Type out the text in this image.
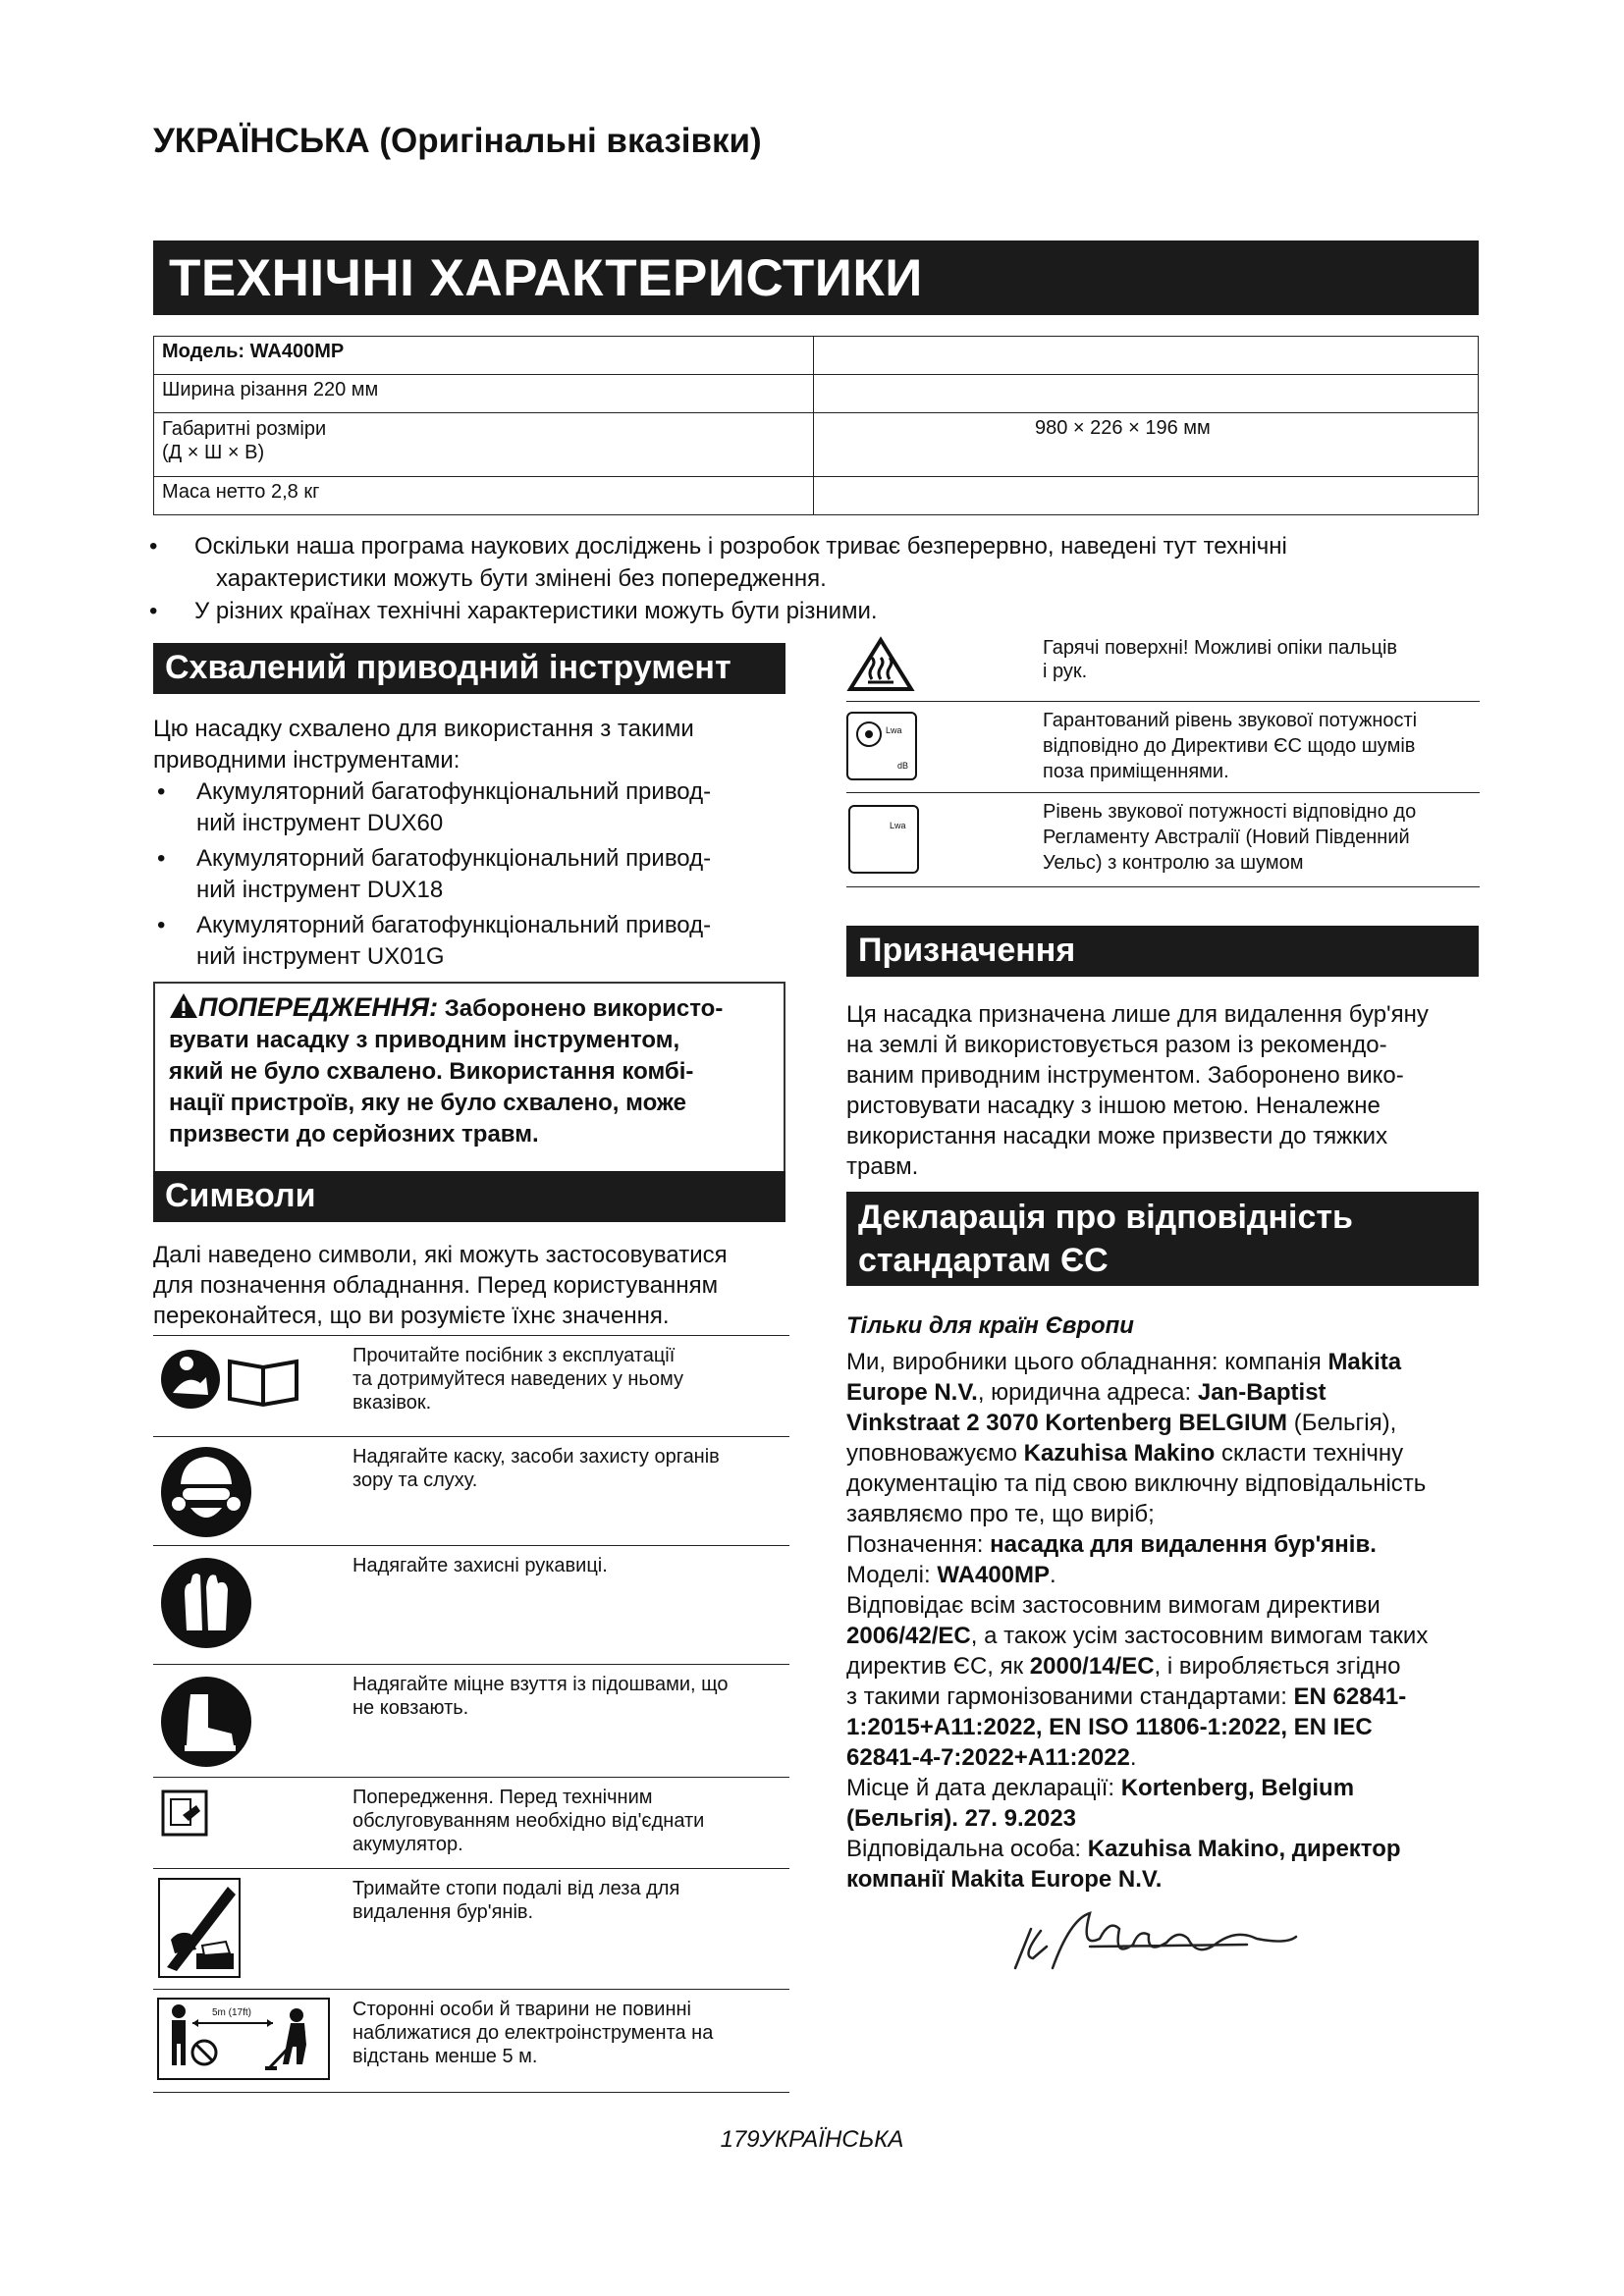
УКРАЇНСЬКА (Оригінальні вказівки)
ТЕХНІЧНІ ХАРАКТЕРИСТИКИ
Модель: WA400MP	
Ширина різання 220 мм	

Габаритні розміри
(Д × Ш × В)	980 × 226 × 196 мм
Маса нетто 2,8 кг	
• Оскільки наша програма наукових досліджень і розробок триває безперервно, наведені тут технічні
характеристики можуть бути змінені без попередження.
• У різних країнах технічні характеристики можуть бути різними.
Схвалений приводний інструмент
Цю насадку схвалено для використання з такими
приводними інструментами:
• Акумуляторний багатофункціональний привод-
ний інструмент DUX60
• Акумуляторний багатофункціональний привод-
ний інструмент DUX18
• Акумуляторний багатофункціональний привод-
ний інструмент UX01G
ПОПЕРЕДЖЕННЯ: Заборонено використо-
вувати насадку з приводним інструментом,
який не було схвалено. Використання комбі-
нації пристроїв, яку не було схвалено, може
призвести до серйозних травм.
Символи
Далі наведено символи, які можуть застосовуватися
для позначення обладнання. Перед користуванням
переконайтеся, що ви розумієте їхнє значення.
Прочитайте посібник з експлуатації
та дотримуйтеся наведених у ньому
вказівок.
Надягайте каску, засоби захисту органів
зору та слуху.
Надягайте захисні рукавиці.
Надягайте міцне взуття із підошвами, що
не ковзають.
Попередження. Перед технічним
обслуговуванням необхідно від'єднати
акумулятор.
Тримайте стопи подалі від леза для
видалення бур'янів.
5m (17ft)	Сторонні особи й тварини не повинні
наближатися до електроінструмента на
відстань менше 5 м.
Гарячі поверхні! Можливі опіки пальців
і рук.
Lwa
dB
Гарантований рівень звукової потужності
відповідно до Директиви ЄС щодо шумів
поза приміщеннями.
Lwa
Рівень звукової потужності відповідно до
Регламенту Австралії (Новий Південний
Уельс) з контролю за шумом
Призначення
Ця насадка призначена лише для видалення бур'яну
на землі й використовується разом із рекомендо-
ваним приводним інструментом. Заборонено вико-
ристовувати насадку з іншою метою. Неналежне
використання насадки може призвести до тяжких
травм.
Декларація про відповідність
стандартам ЄС
Тільки для країн Європи
Ми, виробники цього обладнання: компанія Makita
Europe N.V., юридична адреса: Jan-Baptist
Vinkstraat 2 3070 Kortenberg BELGIUM (Бельгія),
уповноважуємо Kazuhisa Makino скласти технічну
документацію та під свою виключну відповідальність
заявляємо про те, що виріб;
Позначення: насадка для видалення бур'янів.
Моделі: WA400MP.
Відповідає всім застосовним вимогам директиви
2006/42/EC, а також усім застосовним вимогам таких
директив ЄС, як 2000/14/EC, і виробляється згідно
з такими гармонізованими стандартами: EN 62841-
1:2015+A11:2022, EN ISO 11806-1:2022, EN IEC
62841-4-7:2022+A11:2022.
Місце й дата декларації: Kortenberg, Belgium
(Бельгія). 27. 9.2023
Відповідальна особа: Kazuhisa Makino, директор
компанії Makita Europe N.V.
179УКРАЇНСЬКА
